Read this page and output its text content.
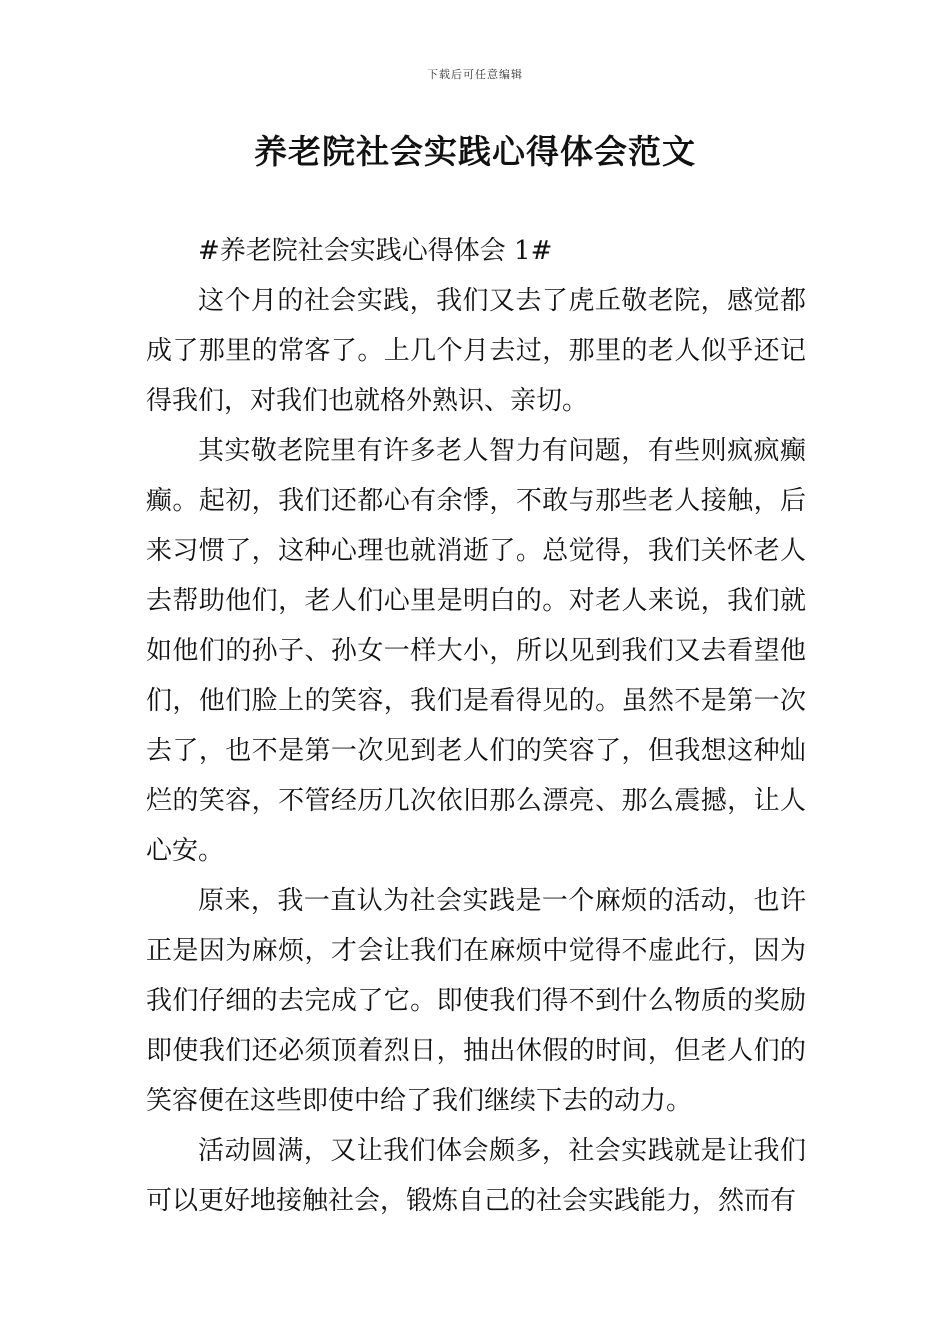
下载后可任意编辑
养老院社会实践心得体会范文

#养老院社会实践心得体会 1#

这个月的社会实践，我们又去了虎丘敬老院，感觉都成了那里的常客了。上几个月去过，那里的老人似乎还记得我们，对我们也就格外熟识、亲切。

其实敬老院里有许多老人智力有问题，有些则疯疯癫癫。起初，我们还都心有余悸，不敢与那些老人接触，后来习惯了，这种心理也就消逝了。总觉得，我们关怀老人去帮助他们，老人们心里是明白的。对老人来说，我们就如他们的孙子、孙女一样大小，所以见到我们又去看望他们，他们脸上的笑容，我们是看得见的。虽然不是第一次去了，也不是第一次见到老人们的笑容了，但我想这种灿烂的笑容，不管经历几次依旧那么漂亮、那么震撼，让人心安。

原来，我一直认为社会实践是一个麻烦的活动，也许正是因为麻烦，才会让我们在麻烦中觉得不虚此行，因为我们仔细的去完成了它。即使我们得不到什么物质的奖励即使我们还必须顶着烈日，抽出休假的时间，但老人们的笑容便在这些即使中给了我们继续下去的动力。

活动圆满，又让我们体会颇多，社会实践就是让我们可以更好地接触社会，锻炼自己的社会实践能力，然而有
